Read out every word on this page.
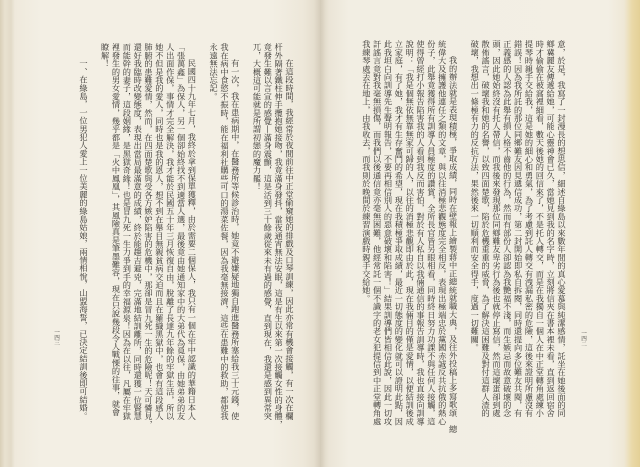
在這段時間，我經常於夜間前往中正堂偷窺她的排戲及口琴訓練，因此亦常有機會接觸，有一次在欄
杆外隔著鐵柱伸手攬抱她接吻，我竟滿身發抖，當夜通宵無法安眠，這是有生以來第一次接觸女性的身體，
竟發生難以言宣的感覺—滿身震顫，這是活到三十餘歲從來未有過的感覺，直到現在，我還是感到異常突
兀，大概這可能就是所謂初戀的魔力罷！
有一次，我在患病期中，在醫務所等候診治時，她竟不避嫌疑地獨自跑進醫務所塞給我三十元錢，使
我在病中食慾不振時，能在福利社購些可口的湯菜佐餐，因為我毫無接濟，這些在患難中的救助，都使我
永遠無法忘記。
民國四十九年七月，我終於拿到保單獲釋，由於需要二個保人，我只有一個在牢中認識的華籍日本人
「張萬鑫」為保人，另一個卻始終找不到適當人選，最後竟由她通知家中的大弟代為覓保，由她弟弟的友
人出面作保，事情才完全解決，我才能於民國五十年三月恢復自由，脫離了長達九年餘的牢獄生活，所以
她不但是我的愛人，同時也是我的恩人，想不到在舉目無親貧病交迫而且在羅織黑獄中，也會有這段感人
肺腑的患難愛情，然而，在四面楚歌與受各方嫉妒陷害的危機中，那卻是冒九死一生的危險呢！天可憐見，
還好我臨時改變態度，表現出當局最滿意的成績，終於能趨吉避兇，完滿地結訓離所，同時還獲一位賢慧
而能幹的妻子，這段姻緣，是黑獄奇緣！也是冒九死一生力爭到手的幸福源泉！因為在以往，凡屬在牢獄
裡發生的男女愛情，幾乎都是「火中鳳凰」，其風險真是筆墨難容，現在只說幾段令人戰慄的往事，就會
瞭解！
一、在綠島，一位男犯人愛上一位美麗的綠島姑娘，兩情相悅，山盟海誓，已決定結訓後即可結婚。
一四三	意，於是，我寫了一封漫長的想思信，細述自綠島以來數年間的真心愛慕與純潔感情，託坐在她後面的同
鄉冀麗友傳遞給她，可能心靈神會已久，當她見到我的名字時，立刻將信夾在書本裡未看，直到返回宿舍
時才偷偷在被窩裡細看，數天後她的回信來了，不是托人轉交，而是在我獨自一個人在中正堂轉角處練小
提琴時親手交給我，這是她的細心和勇氣，為了考慮到託人轉交有洩漏私密的危險，這後來證明所慮沒有
錯誤！因為我所託的那位同鄉難友因見遞信成功，第二封開始即私自拆閱，同時還提向多位難友共閱，有
正義感的人認為此舉有損人格不齒他的行為，然而有部份人卻認為我艷福不淺，而生嫉忌而故意破壞的念
頭，因此她始終沒有托人帶信，而我後來發現那位同鄉難友卑劣行為後也就停止寫信，然而這壞蛋卻到處
散佈謠言，破壞我和她的名譽，以致四面楚歌，陷於危機重重的威脅，為了解決這困難及對付這群人渣的
破壞，我想出一條極有力的反抗方法，果然後來一切順利而安全得手，度過一切難關。
我的辦法就是表現積極，爭取成績，同時在壁報上繪製蔣中正總統就職大典，及往外投稿上多寫歌頌　總
統偉大及擁護他連任之類的文章，與以往消極悲觀態度完全相反，表現出極端忠於黨國赤誠反共抗俄的熱心
份子，此舉竟獲得所有訓導人員極度的讚賞，全所長官皆另眼相看，同時終日努力功課不與任何人接觸，這
使得曾經打小報告陷害我的人看到我反而害怕，對於有人私自以我倆通信的事報告訓導時，我也直接向訓導
說明：「我是個無依無靠無家可歸的人，以往的消極悲觀即由於此，現在我倆目的僅是愛情，以便結訓後成
立家庭，有了她，我才有生存奮鬥的希望，現在我積極爭取成績，最近一切態度的變化就可以證明此點，因
此我坦白向訓導先生聲明報告，不要再相信別人的惡意破壞和陷害！」結果訓導們皆相信此說，因此一切攻
訐謠言竟對我毫無損傷，而我們以後通信竟亦毫無困難，他經常託一個不識字的老女犯提信到中正堂轉角處
我練琴處丟在地上，由我收去，而我則於晚間於練習演戲時親手交給她。
一四二
